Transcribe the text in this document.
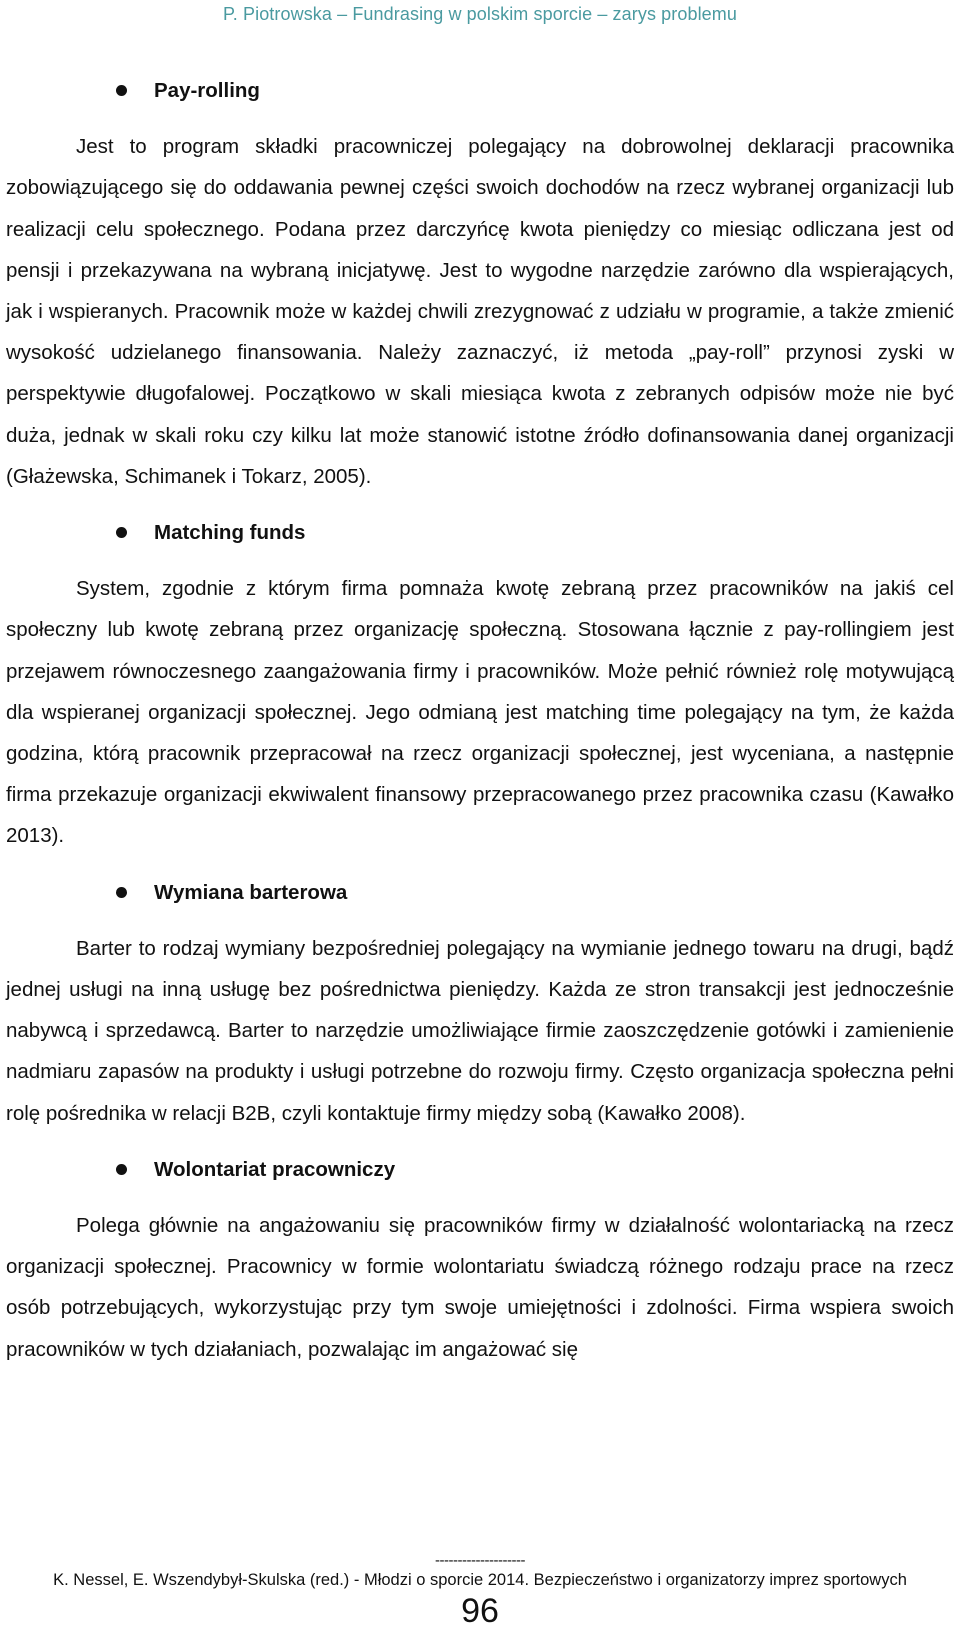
P. Piotrowska – Fundrasing w polskim sporcie – zarys problemu
Pay-rolling

Jest to program składki pracowniczej polegający na dobrowolnej deklaracji pracownika zobowiązującego się do oddawania pewnej części swoich dochodów na rzecz wybranej organizacji lub realizacji celu społecznego. Podana przez darczyńcę kwota pieniędzy co miesiąc odliczana jest od pensji i przekazywana na wybraną inicjatywę. Jest to wygodne narzędzie zarówno dla wspierających, jak i wspieranych. Pracownik może w każdej chwili zrezygnować z udziału w programie, a także zmienić wysokość udzielanego finansowania. Należy zaznaczyć, iż metoda „pay-roll” przynosi zyski w perspektywie długofalowej. Początkowo w skali miesiąca kwota z zebranych odpisów może nie być duża, jednak w skali roku czy kilku lat może stanowić istotne źródło dofinansowania danej organizacji (Głażewska, Schimanek i Tokarz, 2005).

Matching funds

System, zgodnie z którym firma pomnaża kwotę zebraną przez pracowników na jakiś cel społeczny lub kwotę zebraną przez organizację społeczną. Stosowana łącznie z pay-rollingiem jest przejawem równoczesnego zaangażowania firmy i pracowników. Może pełnić również rolę motywującą dla wspieranej organizacji społecznej. Jego odmianą jest matching time polegający na tym, że każda godzina, którą pracownik przepracował na rzecz organizacji społecznej, jest wyceniana, a następnie firma przekazuje organizacji ekwiwalent finansowy przepracowanego przez pracownika czasu (Kawałko 2013).

Wymiana barterowa

Barter to rodzaj wymiany bezpośredniej polegający na wymianie jednego towaru na drugi, bądź jednej usługi na inną usługę bez pośrednictwa pieniędzy. Każda ze stron transakcji jest jednocześnie nabywcą i sprzedawcą. Barter to narzędzie umożliwiające firmie zaoszczędzenie gotówki i zamienienie nadmiaru zapasów na produkty i usługi potrzebne do rozwoju firmy. Często organizacja społeczna pełni rolę pośrednika w relacji B2B, czyli kontaktuje firmy między sobą (Kawałko 2008).

Wolontariat pracowniczy

Polega głównie na angażowaniu się pracowników firmy w działalność wolontariacką na rzecz organizacji społecznej. Pracownicy w formie wolontariatu świadczą różnego rodzaju prace na rzecz osób potrzebujących, wykorzystując przy tym swoje umiejętności i zdolności. Firma wspiera swoich pracowników w tych działaniach, pozwalając im angażować się

--------------------
K. Nessel, E. Wszendybył-Skulska (red.) - Młodzi o sporcie 2014. Bezpieczeństwo i organizatorzy imprez sportowych
96
